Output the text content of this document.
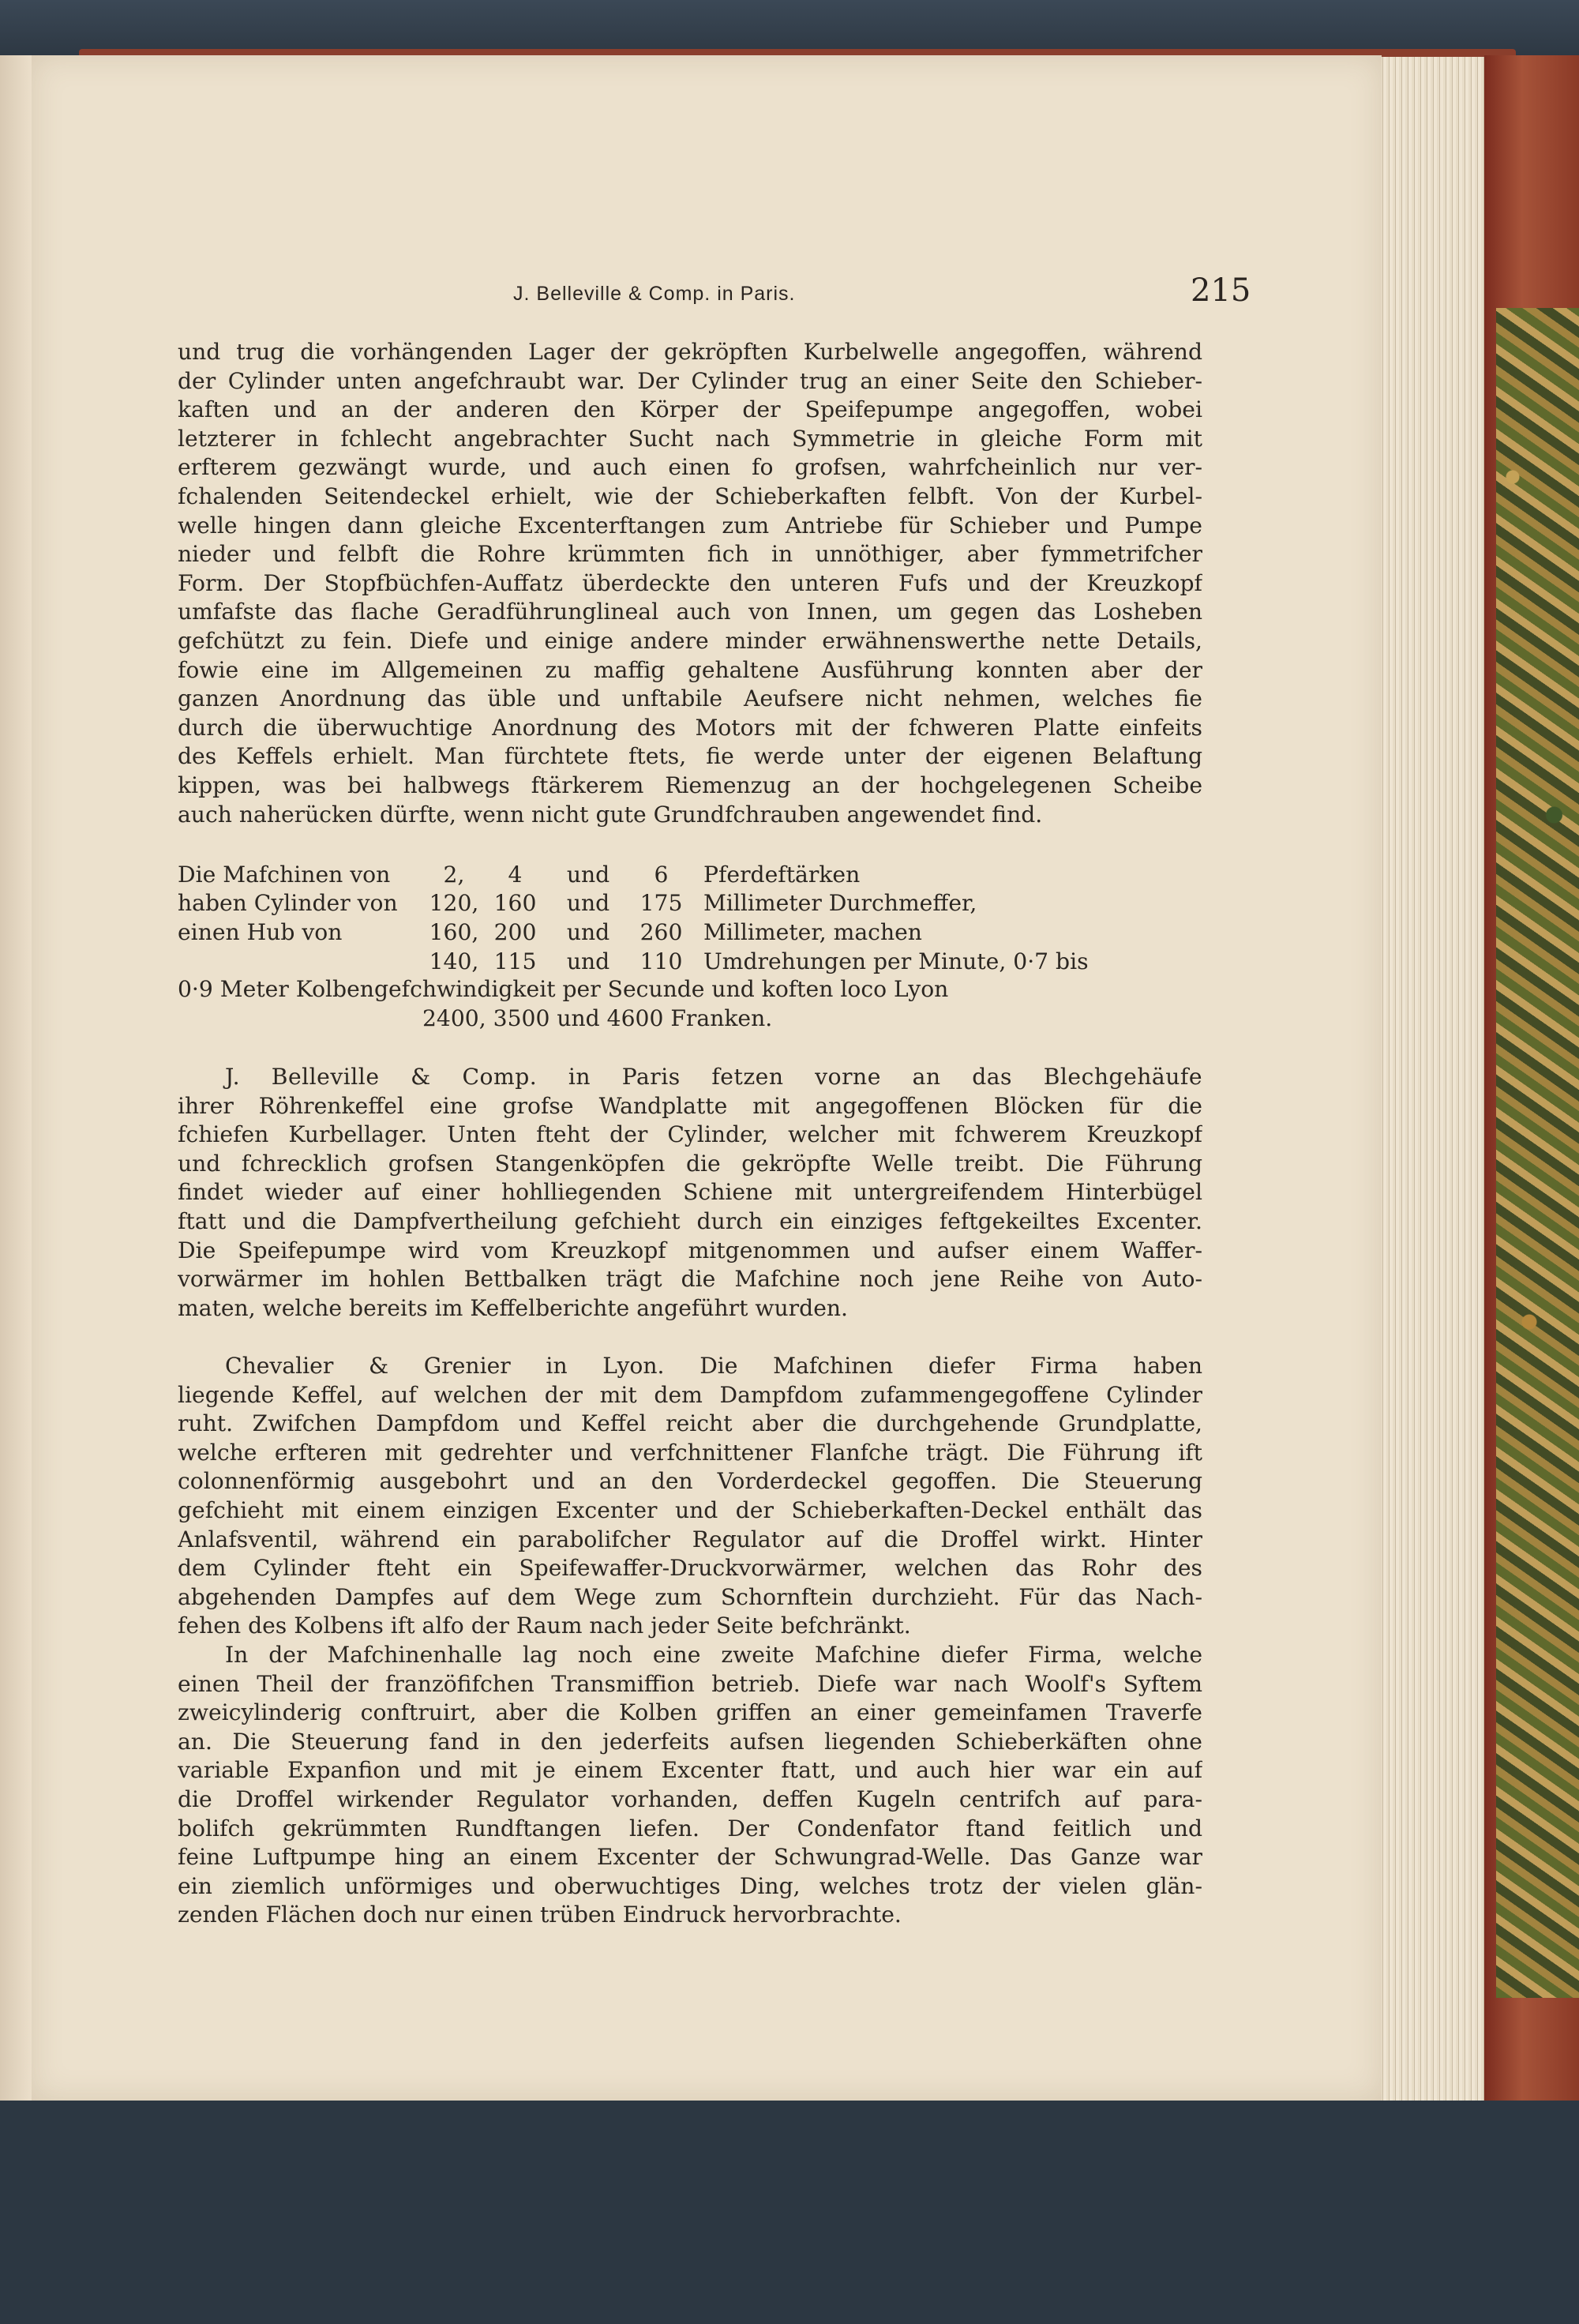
J. Belleville & Comp. in Paris.	215
und trug die vorhängenden Lager der gekröpften Kurbelwelle angegoffen, während
der Cylinder unten angefchraubt war. Der Cylinder trug an einer Seite den Schieber-
kaften und an der anderen den Körper der Speifepumpe angegoffen, wobei
letzterer in fchlecht angebrachter Sucht nach Symmetrie in gleiche Form mit
erfterem gezwängt wurde, und auch einen fo grofsen, wahrfcheinlich nur ver-
fchalenden Seitendeckel erhielt, wie der Schieberkaften felbft. Von der Kurbel-
welle hingen dann gleiche Excenterftangen zum Antriebe für Schieber und Pumpe
nieder und felbft die Rohre krümmten fich in unnöthiger, aber fymmetrifcher
Form. Der Stopfbüchfen-Auffatz überdeckte den unteren Fufs und der Kreuzkopf
umfafste das flache Geradführunglineal auch von Innen, um gegen das Losheben
gefchützt zu fein. Diefe und einige andere minder erwähnenswerthe nette Details,
fowie eine im Allgemeinen zu maffig gehaltene Ausführung konnten aber der
ganzen Anordnung das üble und unftabile Aeufsere nicht nehmen, welches fie
durch die überwuchtige Anordnung des Motors mit der fchweren Platte einfeits
des Keffels erhielt. Man fürchtete ftets, fie werde unter der eigenen Belaftung
kippen, was bei halbwegs ftärkerem Riemenzug an der hochgelegenen Scheibe
auch naherücken dürfte, wenn nicht gute Grundfchrauben angewendet find.
Die Mafchinen von	2,	4	und	6	Pferdeftärken
haben Cylinder von	120,	160	und	175	Millimeter Durchmeffer,
einen Hub von	160,	200	und	260	Millimeter, machen
	140,	115	und	110	Umdrehungen per Minute, 0·7 bis
0·9 Meter Kolbengefchwindigkeit per Secunde und koften loco Lyon
2400, 3500 und 4600 Franken.
J. Belleville & Comp. in Paris fetzen vorne an das Blechgehäufe
ihrer Röhrenkeffel eine grofse Wandplatte mit angegoffenen Blöcken für die
fchiefen Kurbellager. Unten fteht der Cylinder, welcher mit fchwerem Kreuzkopf
und fchrecklich grofsen Stangenköpfen die gekröpfte Welle treibt. Die Führung
findet wieder auf einer hohlliegenden Schiene mit untergreifendem Hinterbügel
ftatt und die Dampfvertheilung gefchieht durch ein einziges feftgekeiltes Excenter.
Die Speifepumpe wird vom Kreuzkopf mitgenommen und aufser einem Waffer-
vorwärmer im hohlen Bettbalken trägt die Mafchine noch jene Reihe von Auto-
maten, welche bereits im Keffelberichte angeführt wurden.
Chevalier & Grenier in Lyon. Die Mafchinen diefer Firma haben
liegende Keffel, auf welchen der mit dem Dampfdom zufammengegoffene Cylinder
ruht. Zwifchen Dampfdom und Keffel reicht aber die durchgehende Grundplatte,
welche erfteren mit gedrehter und verfchnittener Flanfche trägt. Die Führung ift
colonnenförmig ausgebohrt und an den Vorderdeckel gegoffen. Die Steuerung
gefchieht mit einem einzigen Excenter und der Schieberkaften-Deckel enthält das
Anlafsventil, während ein parabolifcher Regulator auf die Droffel wirkt. Hinter
dem Cylinder fteht ein Speifewaffer-Druckvorwärmer, welchen das Rohr des
abgehenden Dampfes auf dem Wege zum Schornftein durchzieht. Für das Nach-
fehen des Kolbens ift alfo der Raum nach jeder Seite befchränkt.
In der Mafchinenhalle lag noch eine zweite Mafchine diefer Firma, welche
einen Theil der franzöfifchen Transmiffion betrieb. Diefe war nach Woolf's Syftem
zweicylinderig conftruirt, aber die Kolben griffen an einer gemeinfamen Traverfe
an. Die Steuerung fand in den jederfeits aufsen liegenden Schieberkäften ohne
variable Expanfion und mit je einem Excenter ftatt, und auch hier war ein auf
die Droffel wirkender Regulator vorhanden, deffen Kugeln centrifch auf para-
bolifch gekrümmten Rundftangen liefen. Der Condenfator ftand feitlich und
feine Luftpumpe hing an einem Excenter der Schwungrad-Welle. Das Ganze war
ein ziemlich unförmiges und oberwuchtiges Ding, welches trotz der vielen glän-
zenden Flächen doch nur einen trüben Eindruck hervorbrachte.
